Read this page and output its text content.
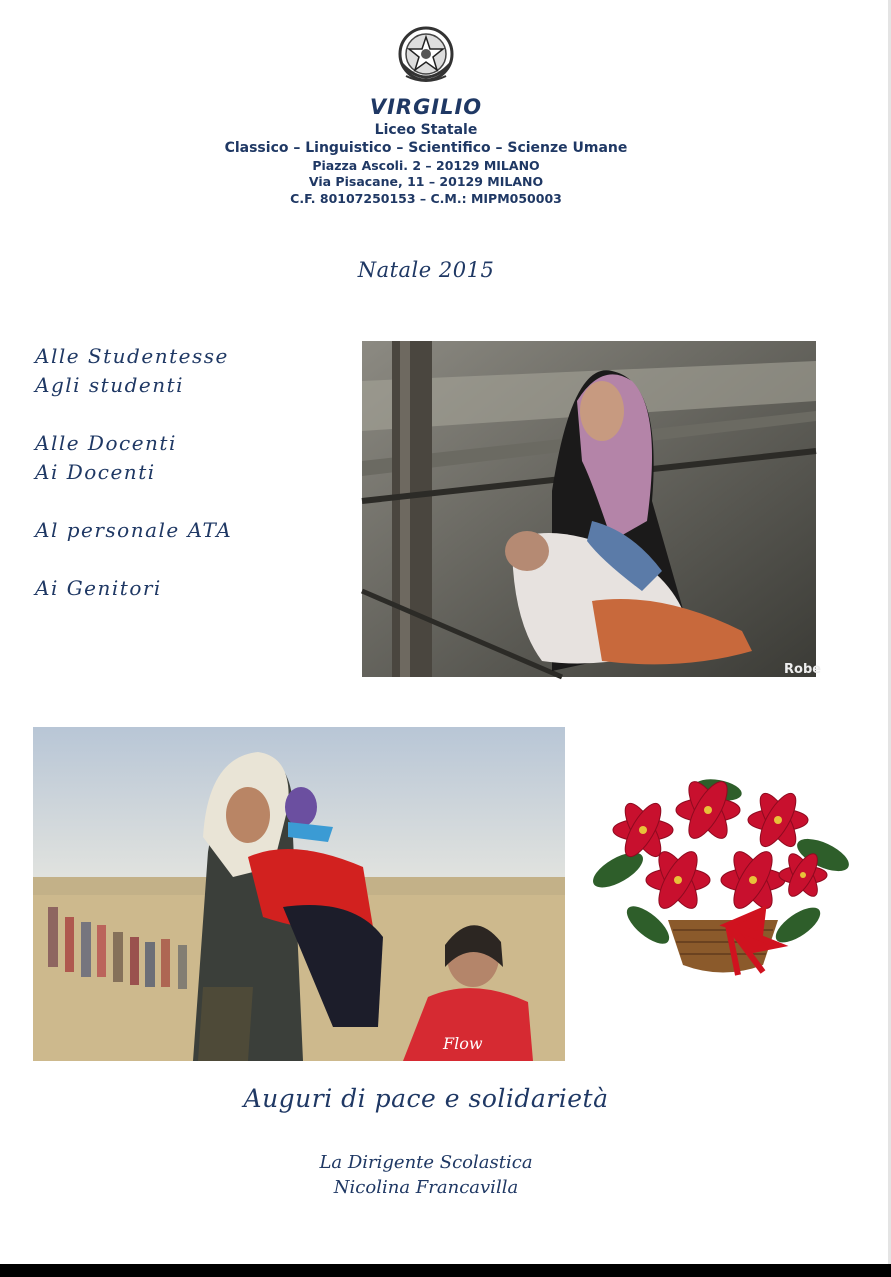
VIRGILIO
Liceo Statale
Classico – Linguistico – Scientifico – Scienze Umane
Piazza Ascoli. 2 – 20129 MILANO
Via Pisacane, 11 – 20129 MILANO
C.F. 80107250153 – C.M.: MIPM050003
Natale 2015
Alle Studentesse
Agli studenti
Alle Docenti
Ai Docenti
Al personale ATA
Ai Genitori
Robe
Flow
Auguri di pace e solidarietà
La Dirigente Scolastica
Nicolina Francavilla
